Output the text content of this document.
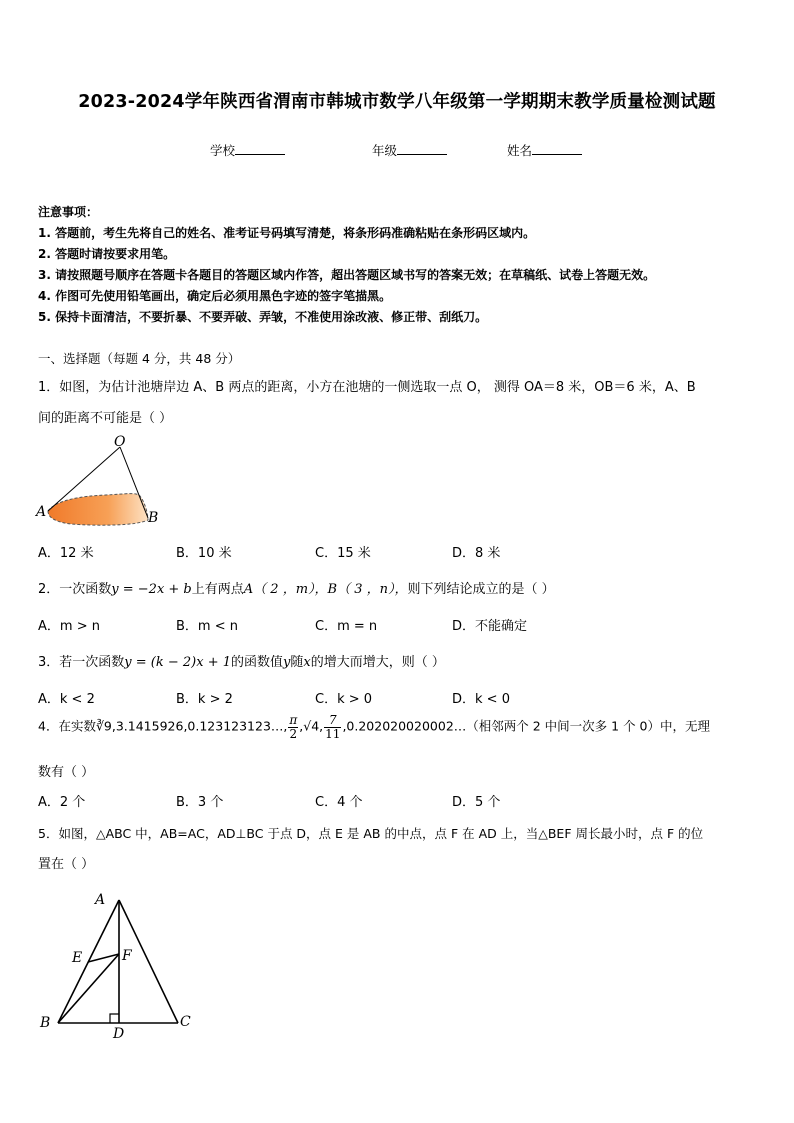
2023-2024学年陕西省渭南市韩城市数学八年级第一学期期末教学质量检测试题
学校	年级	姓名
注意事项：
1. 答题前，考生先将自己的姓名、准考证号码填写清楚，将条形码准确粘贴在条形码区域内。
2. 答题时请按要求用笔。
3. 请按照题号顺序在答题卡各题目的答题区域内作答，超出答题区域书写的答案无效；在草稿纸、试卷上答题无效。
4. 作图可先使用铅笔画出，确定后必须用黑色字迹的签字笔描黑。
5. 保持卡面清洁，不要折暴、不要弄破、弄皱，不准使用涂改液、修正带、刮纸刀。
一、选择题（每题 4 分，共 48 分）
1．如图，为估计池塘岸边 A、B 两点的距离，小方在池塘的一侧选取一点 O， 测得 OA＝8 米，OB＝6 米，A、B
间的距离不可能是（ ）
O
A	B
A．12 米	B．10 米	C．15 米	D．8 米
2．一次函数y = −2x + b上有两点A（ 2 ，m），B（ 3 ，n），则下列结论成立的是（ ）
A．m > n	B．m < n	C．m = n	D．不能确定
3．若一次函数y = (k − 2)x + 1的函数值y随x的增大而增大，则（ ）
A．k < 2	B．k > 2	C．k > 0	D．k < 0
4．在实数∛9,3.1415926,0.123123123…, $\frac{\pi}{2} ,√4$, $\frac{7}{11}$ ,0.202020020002…（相邻两个 2 中间一次多 1 个 0）中，无理
数有（ ）
A．2 个	B．3 个	C．4 个	D．5 个
5．如图，△ABC 中，AB=AC，AD⊥BC 于点 D，点 E 是 AB 的中点，点 F 在 AD 上，当△BEF 周长最小时，点 F 的位
置在（ ）
A
E	F
B	C
D
